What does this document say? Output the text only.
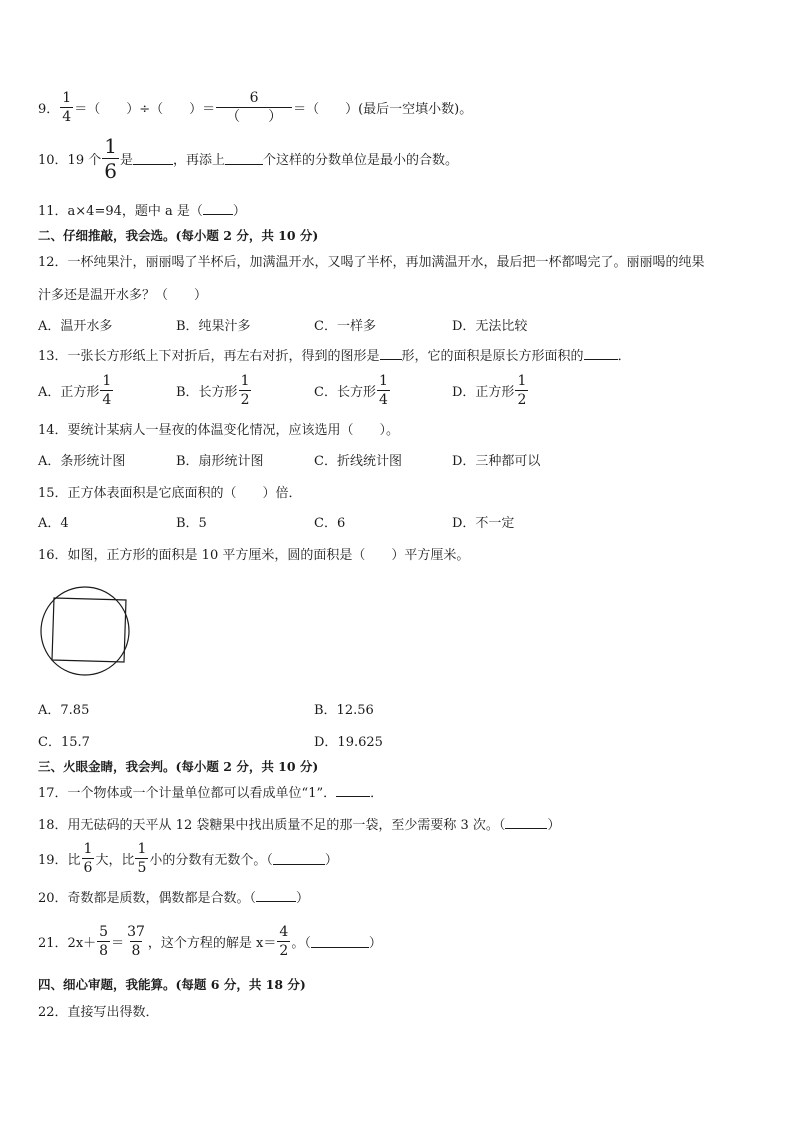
9． $\frac{1}{4}$ ＝（　　）÷（　　）＝ $\frac{6}{( )}$ ＝（　　）(最后一空填小数)。
10．19 个 $\frac{1}{6}$ 是	，再添上	个这样的分数单位是最小的合数。
11．a×4=94，题中 a 是（ ）
二、仔细推敲，我会选。(每小题 2 分，共 10 分)
12．一杯纯果汁，丽丽喝了半杯后，加满温开水，又喝了半杯，再加满温开水，最后把一杯都喝完了。丽丽喝的纯果
汁多还是温开水多？（　　）
A．温开水多	B．纯果汁多	C．一样多	D．无法比较
13．一张长方形纸上下对折后，再左右对折，得到的图形是 形，它的面积是原长方形面积的	．
A．正方形 $\frac{1}{4}$	B．长方形 $\frac{1}{2}$	C．长方形 $\frac{1}{4}$	D．正方形 $\frac{1}{2}$
14．要统计某病人一昼夜的体温变化情况，应该选用（　　）。
A．条形统计图	B．扇形统计图	C．折线统计图	D．三种都可以
15．正方体表面积是它底面积的（　　）倍．
A．4	B．5	C．6	D．不一定
16．如图，正方形的面积是 10 平方厘米，圆的面积是（　　）平方厘米。
A．7.85	B．12.56
C．15.7	D．19.625
三、火眼金睛，我会判。(每小题 2 分，共 10 分)
17．一个物体或一个计量单位都可以看成单位“1”．	．
18．用无砝码的天平从 12 袋糖果中找出质量不足的那一袋，至少需要称 3 次。（	）
19．比 $\frac{1}{6}$ 大，比 $\frac{1}{5}$ 小的分数有无数个。（	）
20．奇数都是质数，偶数都是合数。（	）
21．$2x+ \frac{5}{8} = \frac{37}{8}$ ，这个方程的解是 $x= \frac{4}{2}$ 。（	）
四、细心审题，我能算。(每题 6 分，共 18 分)
22．直接写出得数．
